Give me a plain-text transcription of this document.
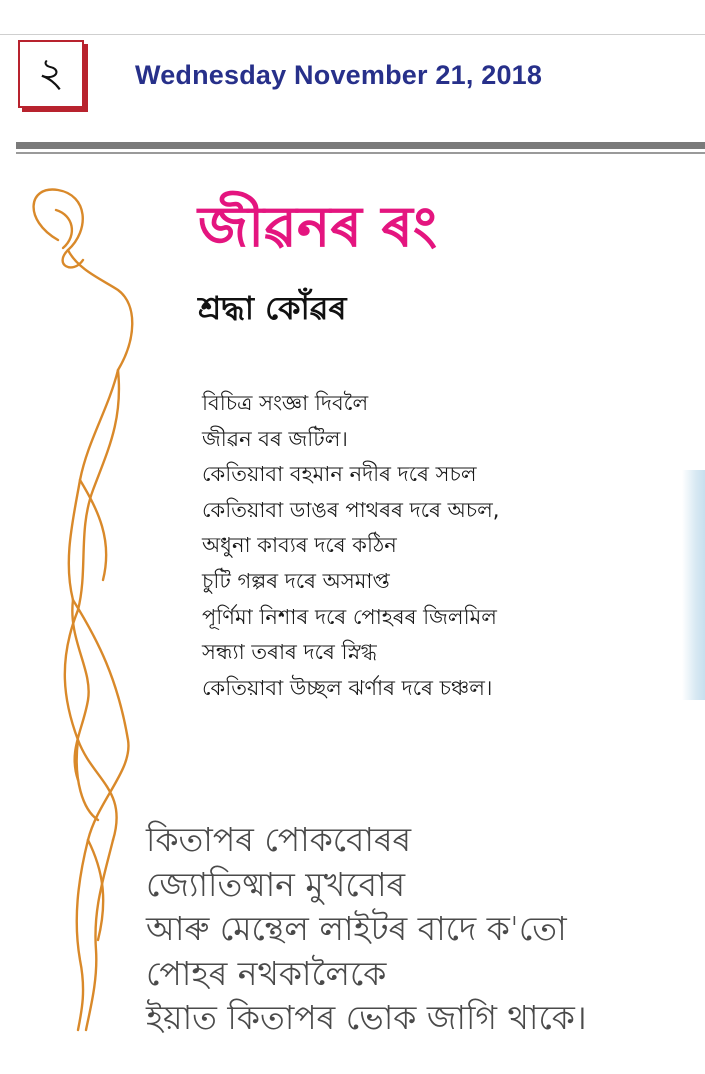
২	Wednesday November 21, 2018
জীৱনৰ ৰং
শ্ৰদ্ধা কোঁৱৰ
বিচিত্ৰ সংজ্ঞা দিবলৈ
জীৱন বৰ জটিল।
কেতিয়াবা বহমান নদীৰ দৰে সচল
কেতিয়াবা ডাঙৰ পাথৰৰ দৰে অচল,
অধুনা কাব্যৰ দৰে কঠিন
চুটি গল্পৰ দৰে অসমাপ্ত
পূৰ্ণিমা নিশাৰ দৰে পোহৰৰ জিলমিল
সন্ধ্যা তৰাৰ দৰে স্নিগ্ধ
কেতিয়াবা উচ্ছল ঝৰ্ণাৰ দৰে চঞ্চল।
কিতাপৰ পোকবোৰৰ
জ্যোতিষ্মান মুখবোৰ
আৰু মেন্থেল লাইটৰ বাদে ক'তো
পোহৰ নথকালৈকে
ইয়াত কিতাপৰ ভোক জাগি থাকে।
